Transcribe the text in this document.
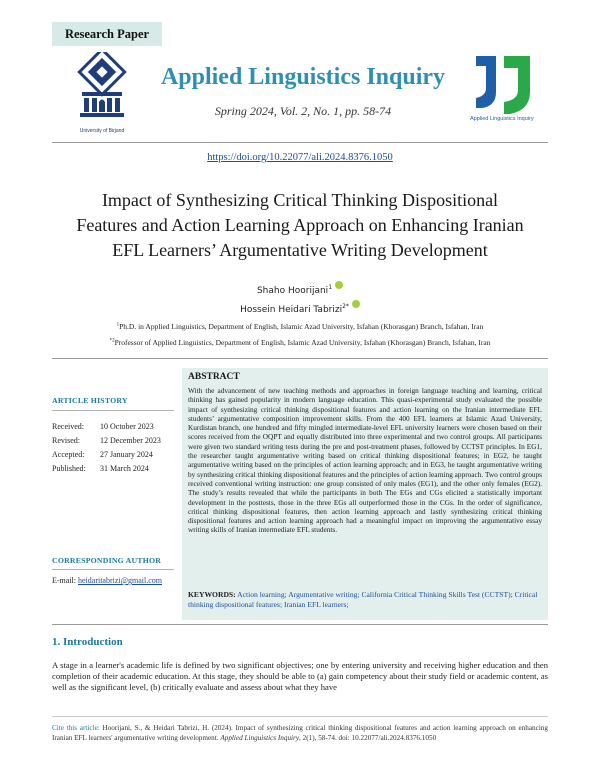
Research Paper
University of Birjand
Applied Linguistics Inquiry
Spring 2024, Vol. 2, No. 1, pp. 58-74
Applied Linguistics Inquiry
https://doi.org/10.22077/ali.2024.8376.1050
Impact of Synthesizing Critical Thinking Dispositional Features and Action Learning Approach on Enhancing Iranian EFL Learners’ Argumentative Writing Development
Shaho Hoorijani$^1$
Hossein Heidari Tabrizi$^{2*}$
$^1$Ph.D. in Applied Linguistics, Department of English, Islamic Azad University, Isfahan (Khorasgan) Branch, Isfahan, Iran
$^{*2}$Professor of Applied Linguistics, Department of English, Islamic Azad University, Isfahan (Khorasgan) Branch, Isfahan, Iran
ARTICLE HISTORY
Received: 10 October 2023
Revised:	12 December 2023
Accepted: 27 January 2024
Published: 31 March 2024
CORRESPONDING AUTHOR
E-mail: heidaritabrizi@gmail.com
ABSTRACT
With the advancement of new teaching methods and approaches in foreign language teaching and learning, critical thinking has gained popularity in modern language education. This quasi-experimental study evaluated the possible impact of synthesizing critical thinking dispositional features and action learning on the Iranian intermediate EFL students’ argumentative composition improvement skills. From the 400 EFL learners at Islamic Azad University, Kurdistan branch, one hundred and fifty mingled intermediate-level EFL university learners were chosen based on their scores received from the OQPT and equally distributed into three experimental and two control groups. All participants were given two standard writing tests during the pre and post-treatment phases, followed by CCTST principles. In EG1, the researcher taught argumentative writing based on critical thinking dispositional features; in EG2, he taught argumentative writing based on the principles of action learning approach; and in EG3, he taught argumentative writing by synthesizing critical thinking dispositional features and the principles of action learning approach. Two control groups received conventional writing instruction: one group consisted of only males (EG1), and the other only females (EG2). The study’s results revealed that while the participants in both The EGs and CGs elicited a statistically important development in the posttests, those in the three EGs all outperformed those in the CGs. In the order of significance, critical thinking dispositional features, then action learning approach and lastly synthesizing critical thinking dispositional features and action learning approach had a meaningful impact on improving the argumentative essay writing skills of Iranian intermediate EFL students.
KEYWORDS: Action learning; Argumentative writing; California Critical Thinking Skills Test (CCTST); Critical thinking dispositional features; Iranian EFL learners;
1. Introduction
A stage in a learner's academic life is defined by two significant objectives; one by entering university and receiving higher education and then completion of their academic education. At this stage, they should be able to (a) gain competency about their study field or academic content, as well as the significant level, (b) critically evaluate and assess about what they have
Cite this article: Hoorijani, S., & Heidari Tabrizi, H. (2024). Impact of synthesizing critical thinking dispositional features and action learning approach on enhancing Iranian EFL learners' argumentative writing development. Applied Linguistics Inquiry, 2(1), 58-74. doi: 10.22077/ali.2024.8376.1050
